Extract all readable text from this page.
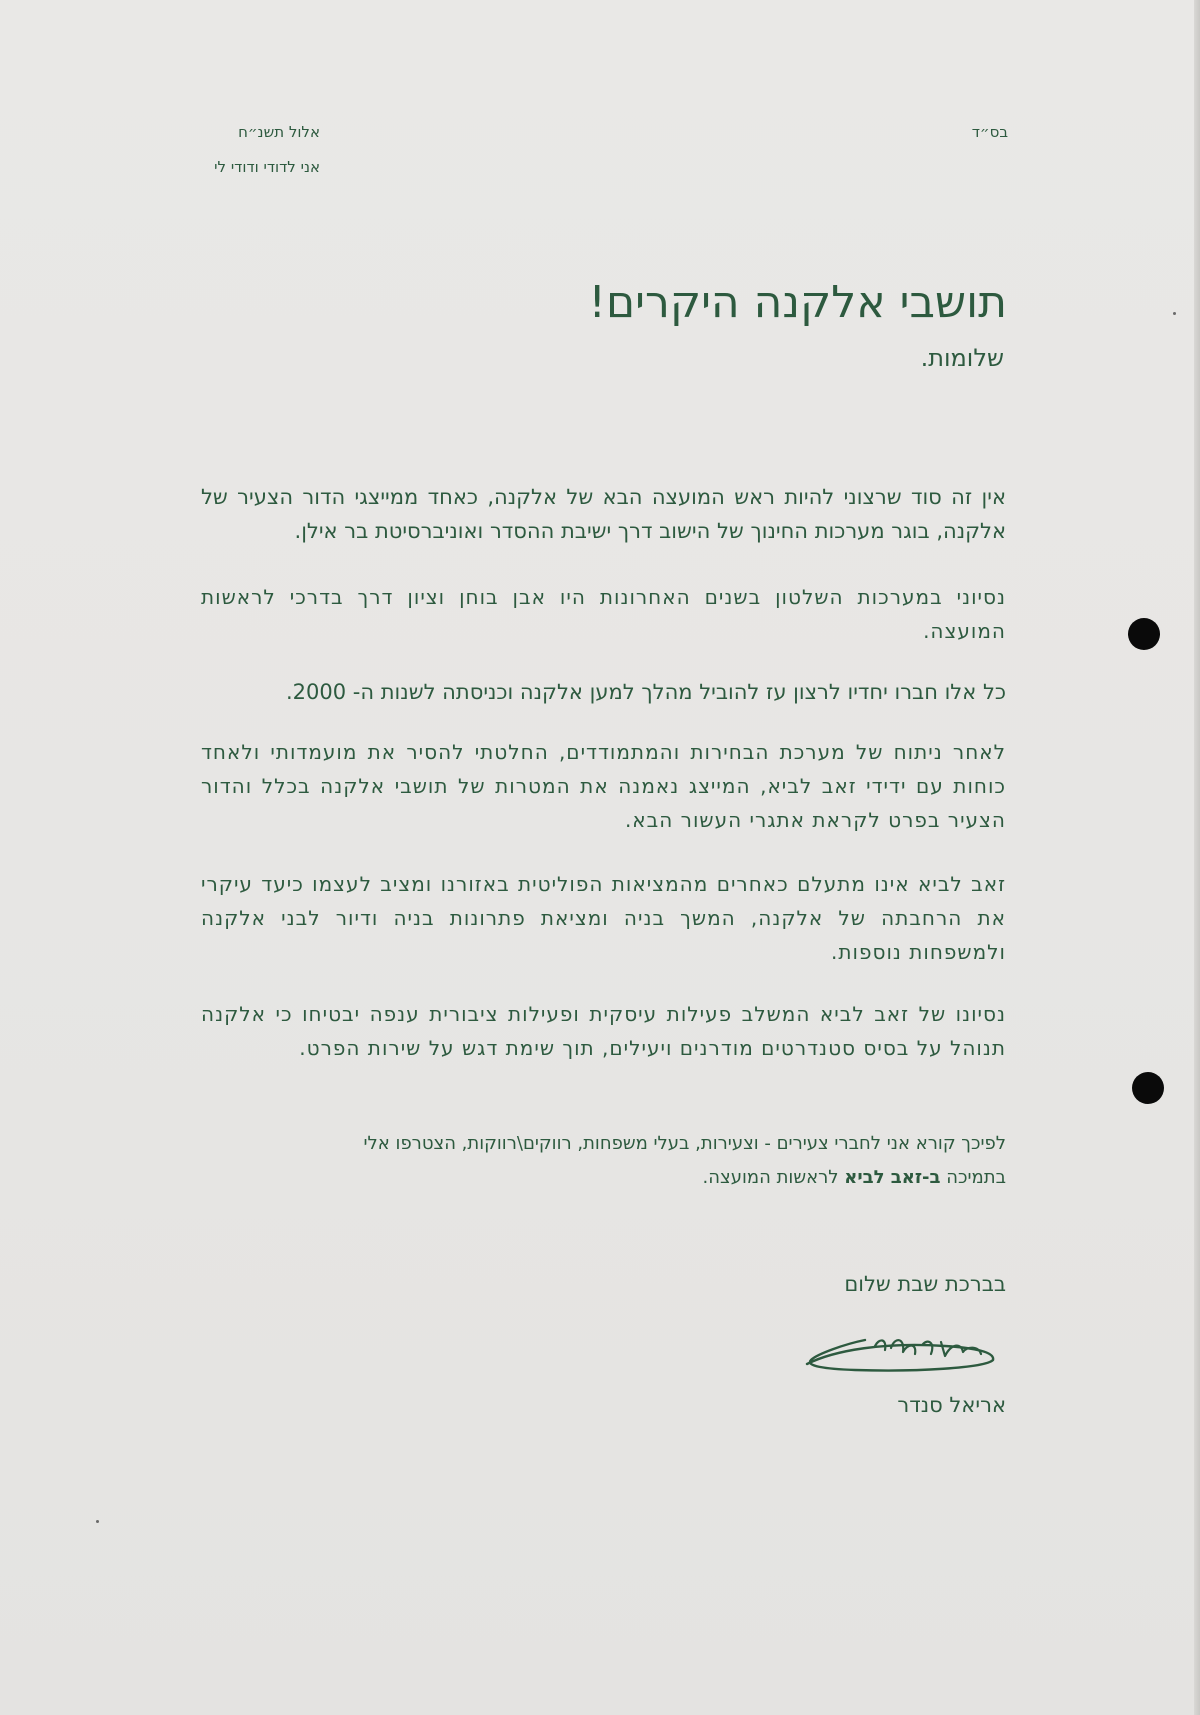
אלול תשנ״ח
אני לדודי ודודי לי
בס״ד
תושבי אלקנה היקרים!
שלומות.

אין זה סוד שרצוני להיות ראש המועצה הבא של אלקנה, כאחד ממייצגי הדור הצעיר של אלקנה, בוגר מערכות החינוך של הישוב דרך ישיבת ההסדר ואוניברסיטת בר אילן.

נסיוני במערכות השלטון בשנים האחרונות היו אבן בוחן וציון דרך בדרכי לראשות המועצה.

כל אלו חברו יחדיו לרצון עז להוביל מהלך למען אלקנה וכניסתה לשנות ה- 2000.

לאחר ניתוח של מערכת הבחירות והמתמודדים, החלטתי להסיר את מועמדותי ולאחד כוחות עם ידידי זאב לביא, המייצג נאמנה את המטרות של תושבי אלקנה בכלל והדור הצעיר בפרט לקראת אתגרי העשור הבא.

זאב לביא אינו מתעלם כאחרים מהמציאות הפוליטית באזורנו ומציב לעצמו כיעד עיקרי את הרחבתה של אלקנה, המשך בניה ומציאת פתרונות בניה ודיור לבני אלקנה ולמשפחות נוספות.

נסיונו של זאב לביא המשלב פעילות עיסקית ופעילות ציבורית ענפה יבטיחו כי אלקנה תנוהל על בסיס סטנדרטים מודרנים ויעילים, תוך שימת דגש על שירות הפרט.

לפיכך קורא אני לחברי צעירים - וצעירות, בעלי משפחות, רווקים\רווקות, הצטרפו אלי
בתמיכה ב-זאב לביא לראשות המועצה.

בברכת שבת שלום
אריאל סנדר
